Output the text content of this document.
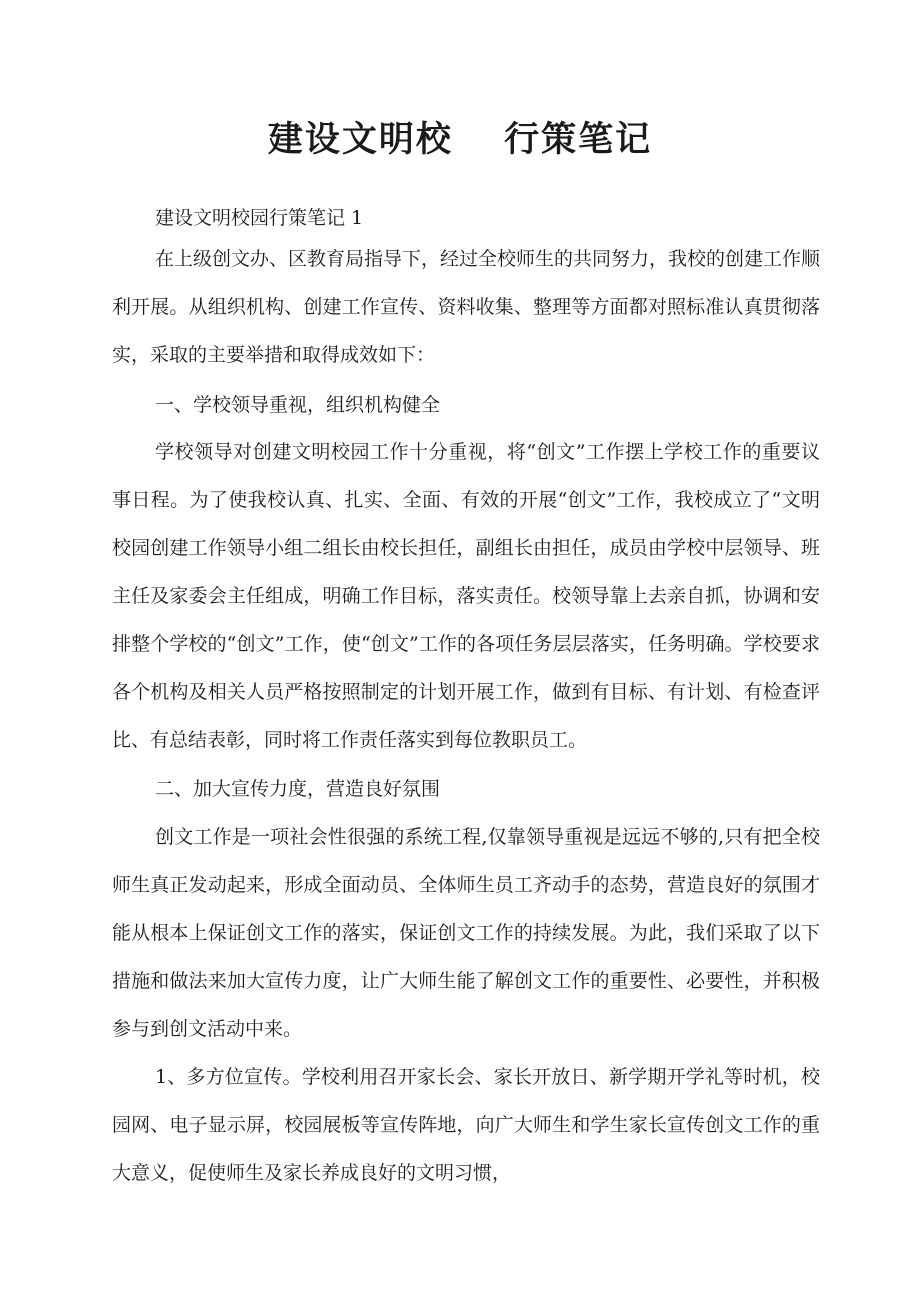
建设文明校　 行策笔记

建设文明校园行策笔记 1

在上级创文办、区教育局指导下，经过全校师生的共同努力，我校的创建工作顺利开展。从组织机构、创建工作宣传、资料收集、整理等方面都对照标准认真贯彻落实，采取的主要举措和取得成效如下：

一、学校领导重视，组织机构健全

学校领导对创建文明校园工作十分重视，将“创文”工作摆上学校工作的重要议事日程。为了使我校认真、扎实、全面、有效的开展“创文”工作，我校成立了“文明校园创建工作领导小组二组长由校长担任，副组长由担任，成员由学校中层领导、班主任及家委会主任组成，明确工作目标，落实责任。校领导靠上去亲自抓，协调和安排整个学校的“创文”工作，使“创文”工作的各项任务层层落实，任务明确。学校要求各个机构及相关人员严格按照制定的计划开展工作，做到有目标、有计划、有检查评比、有总结表彰，同时将工作责任落实到每位教职员工。

二、加大宣传力度，营造良好氛围

创文工作是一项社会性很强的系统工程,仅靠领导重视是远远不够的,只有把全校师生真正发动起来，形成全面动员、全体师生员工齐动手的态势，营造良好的氛围才能从根本上保证创文工作的落实，保证创文工作的持续发展。为此，我们采取了以下措施和做法来加大宣传力度，让广大师生能了解创文工作的重要性、必要性，并积极参与到创文活动中来。

1、多方位宣传。学校利用召开家长会、家长开放日、新学期开学礼等时机，校园网、电子显示屏，校园展板等宣传阵地，向广大师生和学生家长宣传创文工作的重大意义，促使师生及家长养成良好的文明习惯，
